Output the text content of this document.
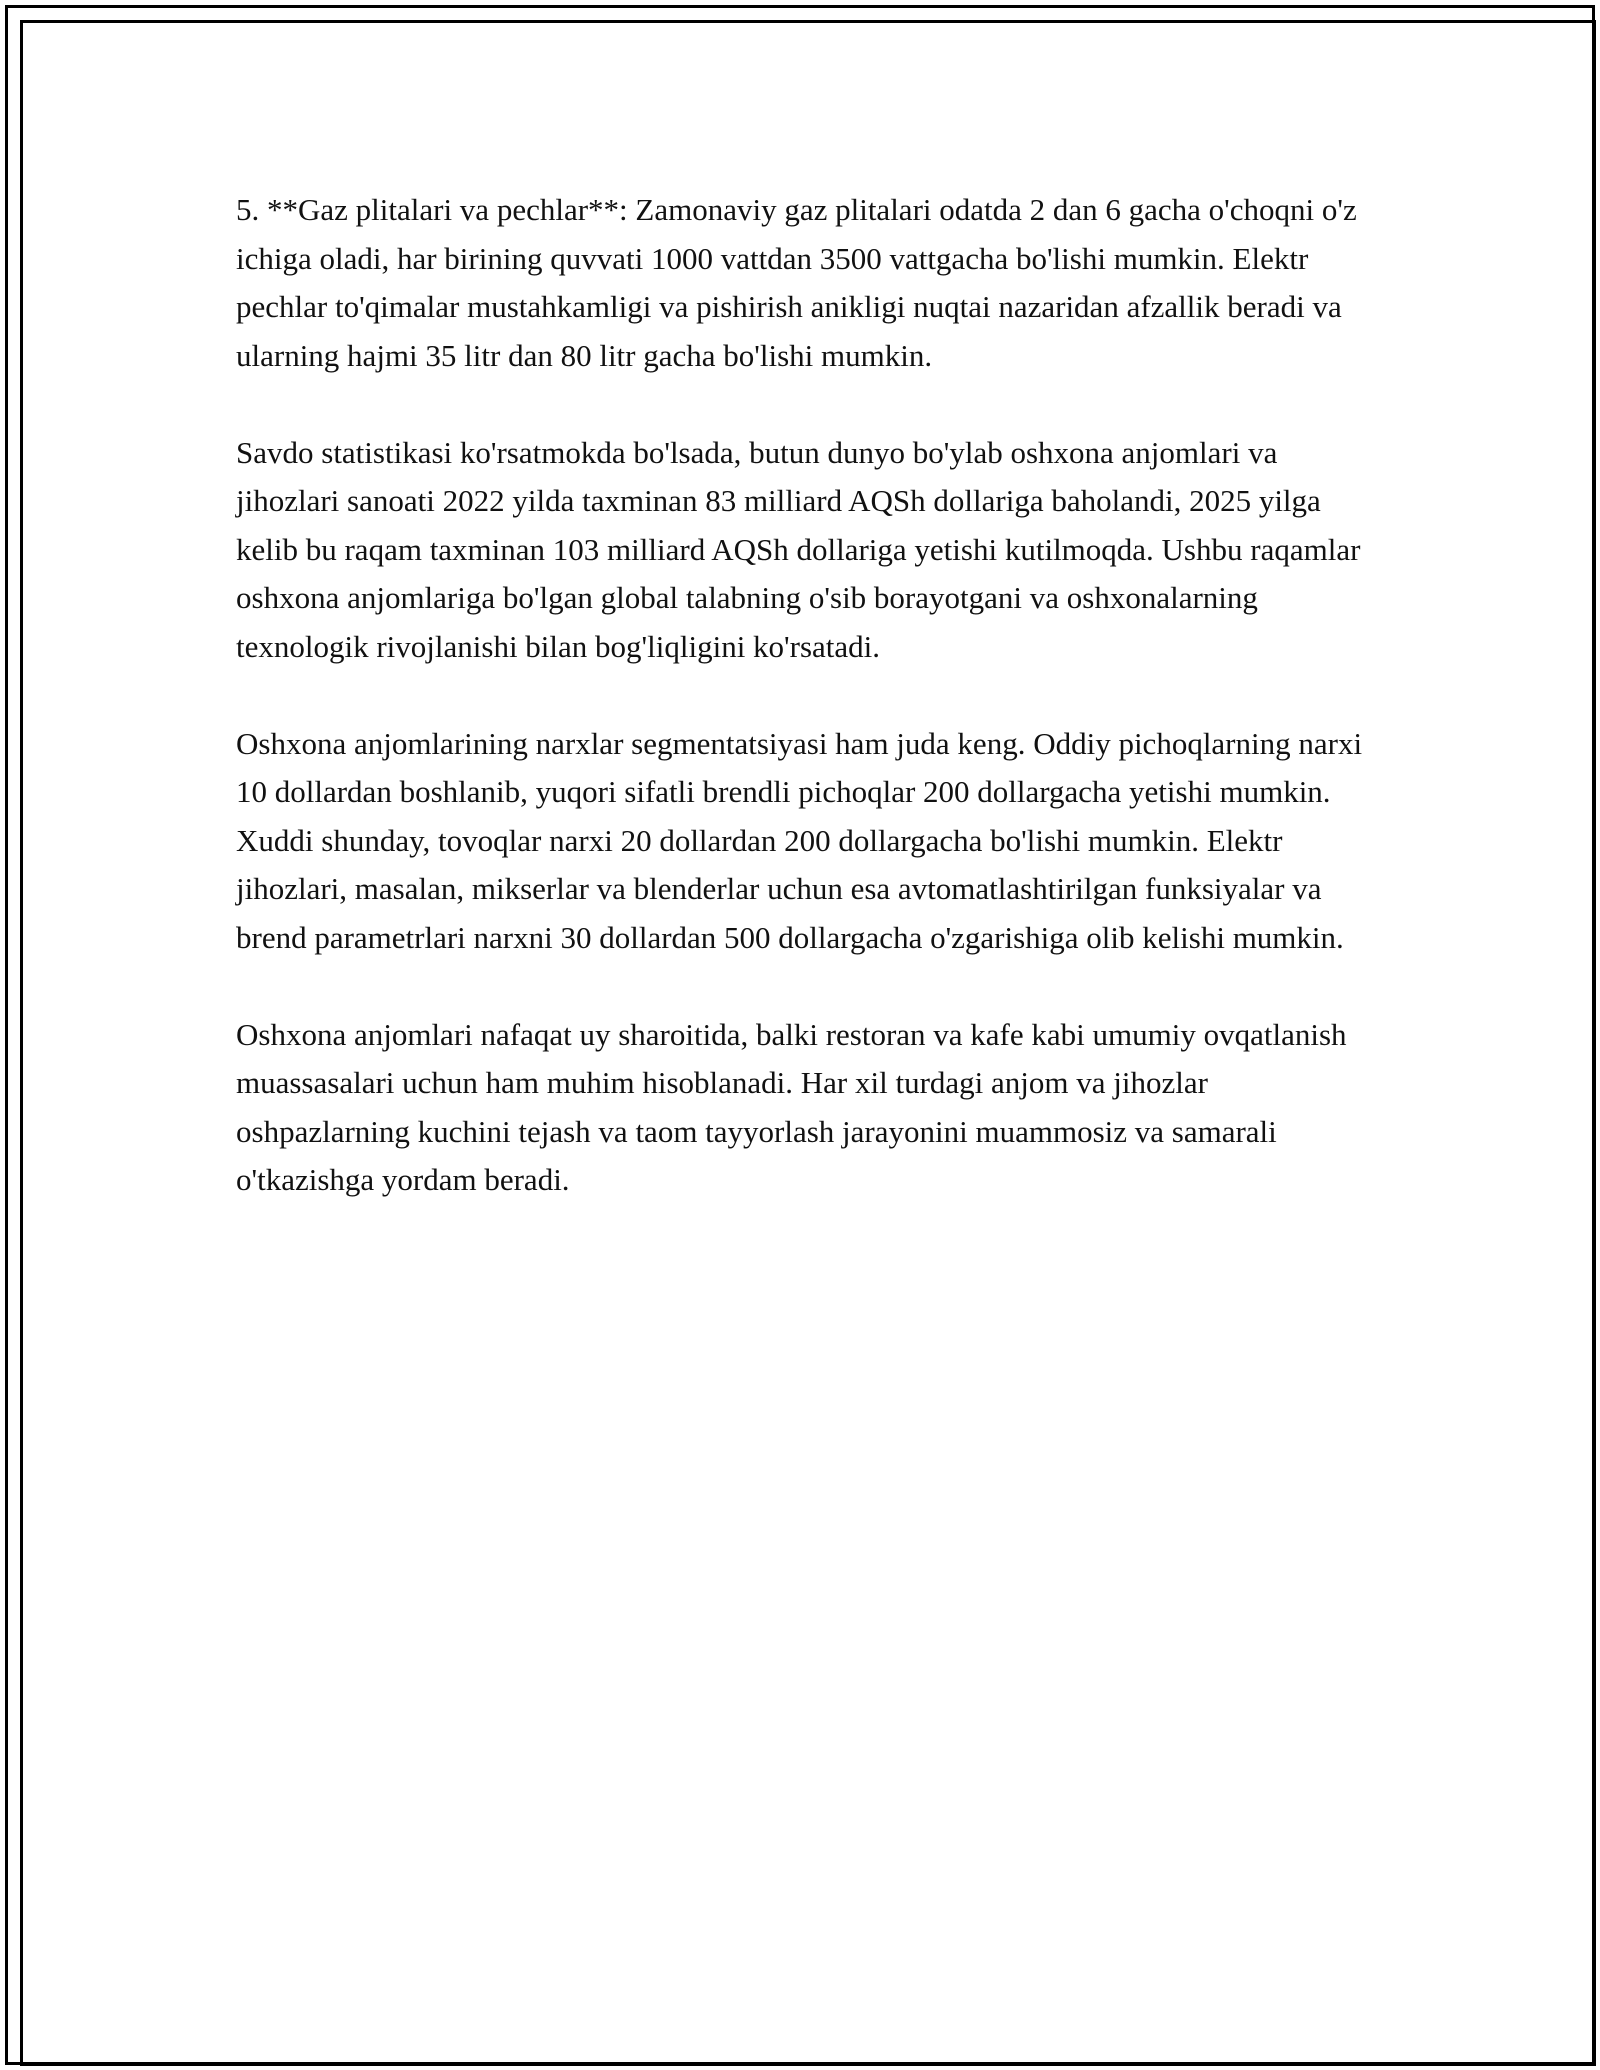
5. **Gaz plitalari va pechlar**: Zamonaviy gaz plitalari odatda 2 dan 6 gacha o'choqni o'z ichiga oladi, har birining quvvati 1000 vattdan 3500 vattgacha bo'lishi mumkin. Elektr pechlar to'qimalar mustahkamligi va pishirish anikligi nuqtai nazaridan afzallik beradi va ularning hajmi 35 litr dan 80 litr gacha bo'lishi mumkin.

Savdo statistikasi ko'rsatmokda bo'lsada, butun dunyo bo'ylab oshxona anjomlari va jihozlari sanoati 2022 yilda taxminan 83 milliard AQSh dollariga baholandi, 2025 yilga kelib bu raqam taxminan 103 milliard AQSh dollariga yetishi kutilmoqda. Ushbu raqamlar oshxona anjomlariga bo'lgan global talabning o'sib borayotgani va oshxonalarning texnologik rivojlanishi bilan bog'liqligini ko'rsatadi.

Oshxona anjomlarining narxlar segmentatsiyasi ham juda keng. Oddiy pichoqlarning narxi 10 dollardan boshlanib, yuqori sifatli brendli pichoqlar 200 dollargacha yetishi mumkin. Xuddi shunday, tovoqlar narxi 20 dollardan 200 dollargacha bo'lishi mumkin. Elektr jihozlari, masalan, mikserlar va blenderlar uchun esa avtomatlashtirilgan funksiyalar va brend parametrlari narxni 30 dollardan 500 dollargacha o'zgarishiga olib kelishi mumkin.

Oshxona anjomlari nafaqat uy sharoitida, balki restoran va kafe kabi umumiy ovqatlanish muassasalari uchun ham muhim hisoblanadi. Har xil turdagi anjom va jihozlar oshpazlarning kuchini tejash va taom tayyorlash jarayonini muammosiz va samarali o'tkazishga yordam beradi.
